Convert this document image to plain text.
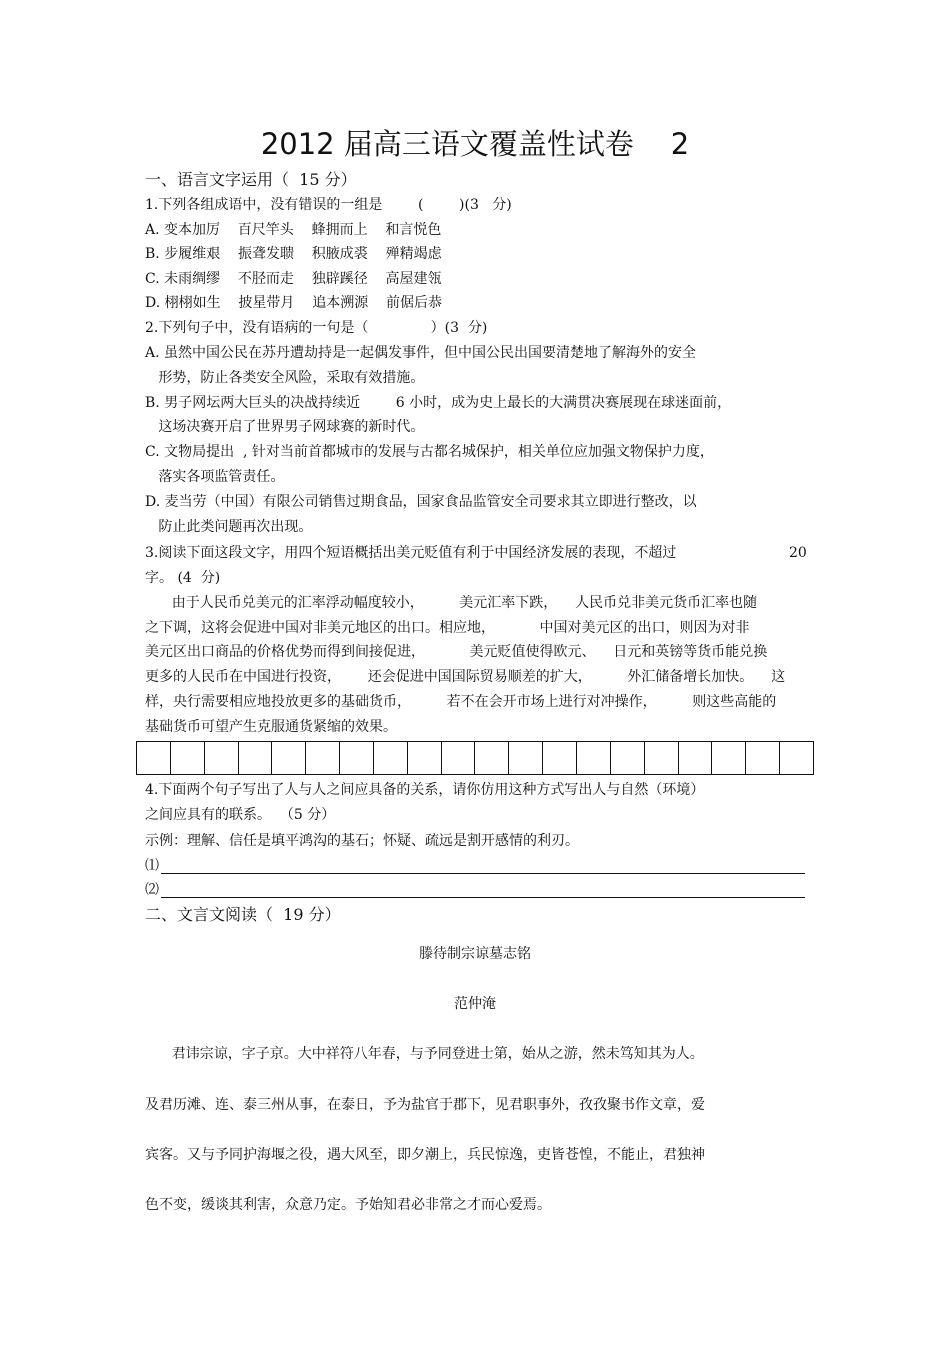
2012 届高三语文覆盖性试卷    2
一、语言文字运用（  15 分）
1.下列各组成语中，没有错误的一组是        (        )(3   分)
A. 变本加厉    百尺竿头    蜂拥而上    和言悦色
B. 步履维艰    振聋发聩    积腋成裘    殚精竭虑
C. 未雨绸缪    不胫而走    独辟蹊径    高屋建瓴
D. 栩栩如生    披星带月    追本溯源    前倨后恭
2.下列句子中，没有语病的一句是（              ）(3  分)
A. 虽然中国公民在苏丹遭劫持是一起偶发事件，但中国公民出国要清楚地了解海外的安全
形势，防止各类安全风险，采取有效措施。
B. 男子网坛两大巨头的决战持续近        6 小时，成为史上最长的大满贯决赛展现在球迷面前，
这场决赛开启了世界男子网球赛的新时代。
C. 文物局提出  , 针对当前首都城市的发展与古都名城保护，相关单位应加强文物保护力度，
落实各项监管责任。
D. 麦当劳（中国）有限公司销售过期食品，国家食品监管安全司要求其立即进行整改，以
防止此类问题再次出现。
3.阅读下面这段文字，用四个短语概括出美元贬值有利于中国经济发展的表现，不超过	20
字。 (4  分)
由于人民币兑美元的汇率浮动幅度较小，        美元汇率下跌，    人民币兑非美元货币汇率也随
之下调，这将会促进中国对非美元地区的出口。相应地，          中国对美元区的出口，则因为对非
美元区出口商品的价格优势而得到间接促进，          美元贬值使得欧元、    日元和英镑等货币能兑换
更多的人民币在中国进行投资，      还会促进中国国际贸易顺差的扩大，        外汇储备增长加快。    这
样，央行需要相应地投放更多的基础货币，        若不在会开市场上进行对冲操作，        则这些高能的
基础货币可望产生克服通货紧缩的效果。
4.下面两个句子写出了人与人之间应具备的关系，请你仿用这种方式写出人与自然（环境）
之间应具有的联系。  （5 分）
示例：理解、信任是填平鸿沟的基石；怀疑、疏远是割开感情的利刃。
⑴
⑵
二、文言文阅读（  19 分）
滕待制宗谅墓志铭
范仲淹
君讳宗谅，字子京。大中祥符八年春，与予同登进士第，始从之游，然未笃知其为人。
及君历滩、连、泰三州从事，在泰日，予为盐官于郡下，见君职事外，孜孜聚书作文章，爱
宾客。又与予同护海堰之役，遇大风至，即夕潮上，兵民惊逸，吏皆苍惶，不能止，君独神
色不变，缓谈其利害，众意乃定。予始知君必非常之才而心爱焉。
